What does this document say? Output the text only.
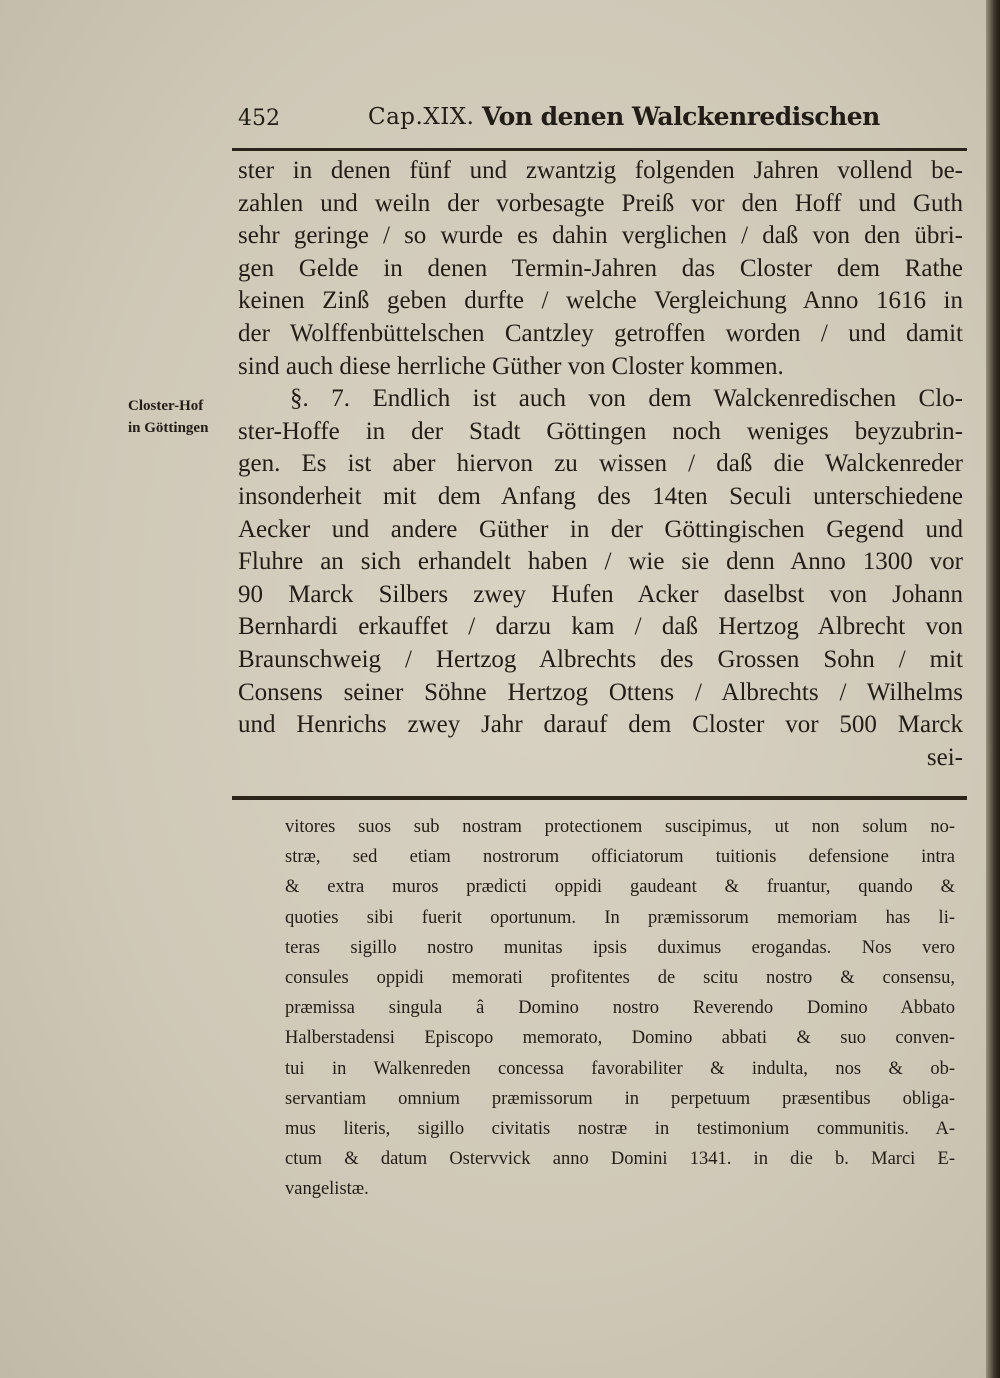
452	Cap.XIX. Von denen Walckenredischen
Closter-Hof
in Göttingen
ster in denen fünf und zwantzig folgenden Jahren vollend be-
zahlen und weiln der vorbesagte Preiß vor den Hoff und Guth
sehr geringe / so wurde es dahin verglichen / daß von den übri-
gen Gelde in denen Termin-Jahren das Closter dem Rathe
keinen Zinß geben durfte / welche Vergleichung Anno 1616 in
der Wolffenbüttelschen Cantzley getroffen worden / und damit
sind auch diese herrliche Güther von Closter kommen.
§. 7. Endlich ist auch von dem Walckenredischen Clo-
ster-Hoffe in der Stadt Göttingen noch weniges beyzubrin-
gen. Es ist aber hiervon zu wissen / daß die Walckenreder
insonderheit mit dem Anfang des 14ten Seculi unterschiedene
Aecker und andere Güther in der Göttingischen Gegend und
Fluhre an sich erhandelt haben / wie sie denn Anno 1300 vor
90 Marck Silbers zwey Hufen Acker daselbst von Johann
Bernhardi erkauffet / darzu kam / daß Hertzog Albrecht von
Braunschweig / Hertzog Albrechts des Grossen Sohn / mit
Consens seiner Söhne Hertzog Ottens / Albrechts / Wilhelms
und Henrichs zwey Jahr darauf dem Closter vor 500 Marck
sei-
vitores suos sub nostram protectionem suscipimus, ut non solum no-
stræ, sed etiam nostrorum officiatorum tuitionis defensione intra
& extra muros prædicti oppidi gaudeant & fruantur, quando &
quoties sibi fuerit oportunum. In præmissorum memoriam has li-
teras sigillo nostro munitas ipsis duximus erogandas. Nos vero
consules oppidi memorati profitentes de scitu nostro & consensu,
præmissa singula â Domino nostro Reverendo Domino Abbato
Halberstadensi Episcopo memorato, Domino abbati & suo conven-
tui in Walkenreden concessa favorabiliter & indulta, nos & ob-
servantiam omnium præmissorum in perpetuum præsentibus obliga-
mus literis, sigillo civitatis nostræ in testimonium communitis. A-
ctum & datum Ostervvick anno Domini 1341. in die b. Marci E-
vangelistæ.
